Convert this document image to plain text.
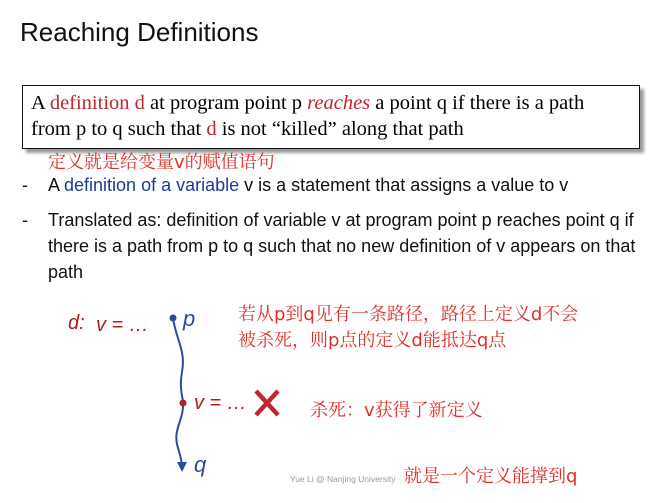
Reaching Definitions
A definition d at program point p reaches a point q if there is a path
from p to q such that d is not “killed” along that path
定义就是给变量v的赋值语句
- A definition of a variable v is a statement that assigns a value to v
- Translated as: definition of variable v at program point p reaches point q if there is a path from p to q such that no new definition of v appears on that path
d: v = … p
v = …
q
若从p到q见有一条路径，路径上定义d不会
被杀死，则p点的定义d能抵达q点
杀死：v获得了新定义
就是一个定义能撑到q
Yue Li @ Nanjing University
